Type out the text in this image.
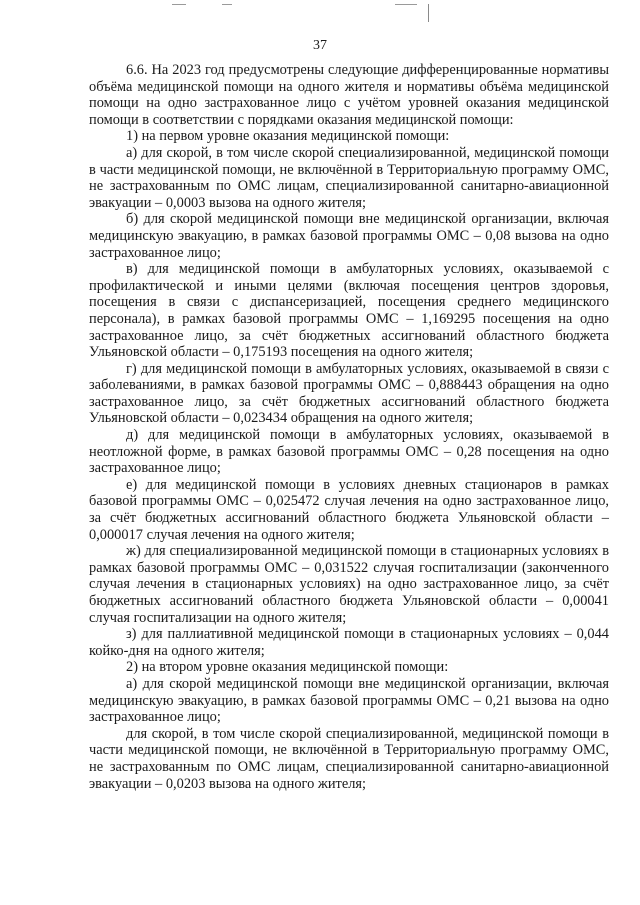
37

6.6. На 2023 год предусмотрены следующие дифференцированные нормативы объёма медицинской помощи на одного жителя и нормативы объёма медицинской помощи на одно застрахованное лицо с учётом уровней оказания медицинской помощи в соответствии с порядками оказания медицинской помощи:

1) на первом уровне оказания медицинской помощи:

а) для скорой, в том числе скорой специализированной, медицинской помощи в части медицинской помощи, не включённой в Территориальную программу ОМС, не застрахованным по ОМС лицам, специализированной санитарно-авиационной эвакуации – 0,0003 вызова на одного жителя;

б) для скорой медицинской помощи вне медицинской организации, включая медицинскую эвакуацию, в рамках базовой программы ОМС – 0,08 вызова на одно застрахованное лицо;

в) для медицинской помощи в амбулаторных условиях, оказываемой с профилактической и иными целями (включая посещения центров здоровья, посещения в связи с диспансеризацией, посещения среднего медицинского персонала), в рамках базовой программы ОМС – 1,169295 посещения на одно застрахованное лицо, за счёт бюджетных ассигнований областного бюджета Ульяновской области – 0,175193 посещения на одного жителя;

г) для медицинской помощи в амбулаторных условиях, оказываемой в связи с заболеваниями, в рамках базовой программы ОМС – 0,888443 обращения на одно застрахованное лицо, за счёт бюджетных ассигнований областного бюджета Ульяновской области – 0,023434 обращения на одного жителя;

д) для медицинской помощи в амбулаторных условиях, оказываемой в неотложной форме, в рамках базовой программы ОМС – 0,28 посещения на одно застрахованное лицо;

е) для медицинской помощи в условиях дневных стационаров в рамках базовой программы ОМС – 0,025472 случая лечения на одно застрахованное лицо, за счёт бюджетных ассигнований областного бюджета Ульяновской области – 0,000017 случая лечения на одного жителя;

ж) для специализированной медицинской помощи в стационарных условиях в рамках базовой программы ОМС – 0,031522 случая госпитализации (законченного случая лечения в стационарных условиях) на одно застрахованное лицо, за счёт бюджетных ассигнований областного бюджета Ульяновской области – 0,00041 случая госпитализации на одного жителя;

з) для паллиативной медицинской помощи в стационарных условиях – 0,044 койко-дня на одного жителя;

2) на втором уровне оказания медицинской помощи:

а) для скорой медицинской помощи вне медицинской организации, включая медицинскую эвакуацию, в рамках базовой программы ОМС – 0,21 вызова на одно застрахованное лицо;

для скорой, в том числе скорой специализированной, медицинской помощи в части медицинской помощи, не включённой в Территориальную программу ОМС, не застрахованным по ОМС лицам, специализированной санитарно-авиационной эвакуации – 0,0203 вызова на одного жителя;
